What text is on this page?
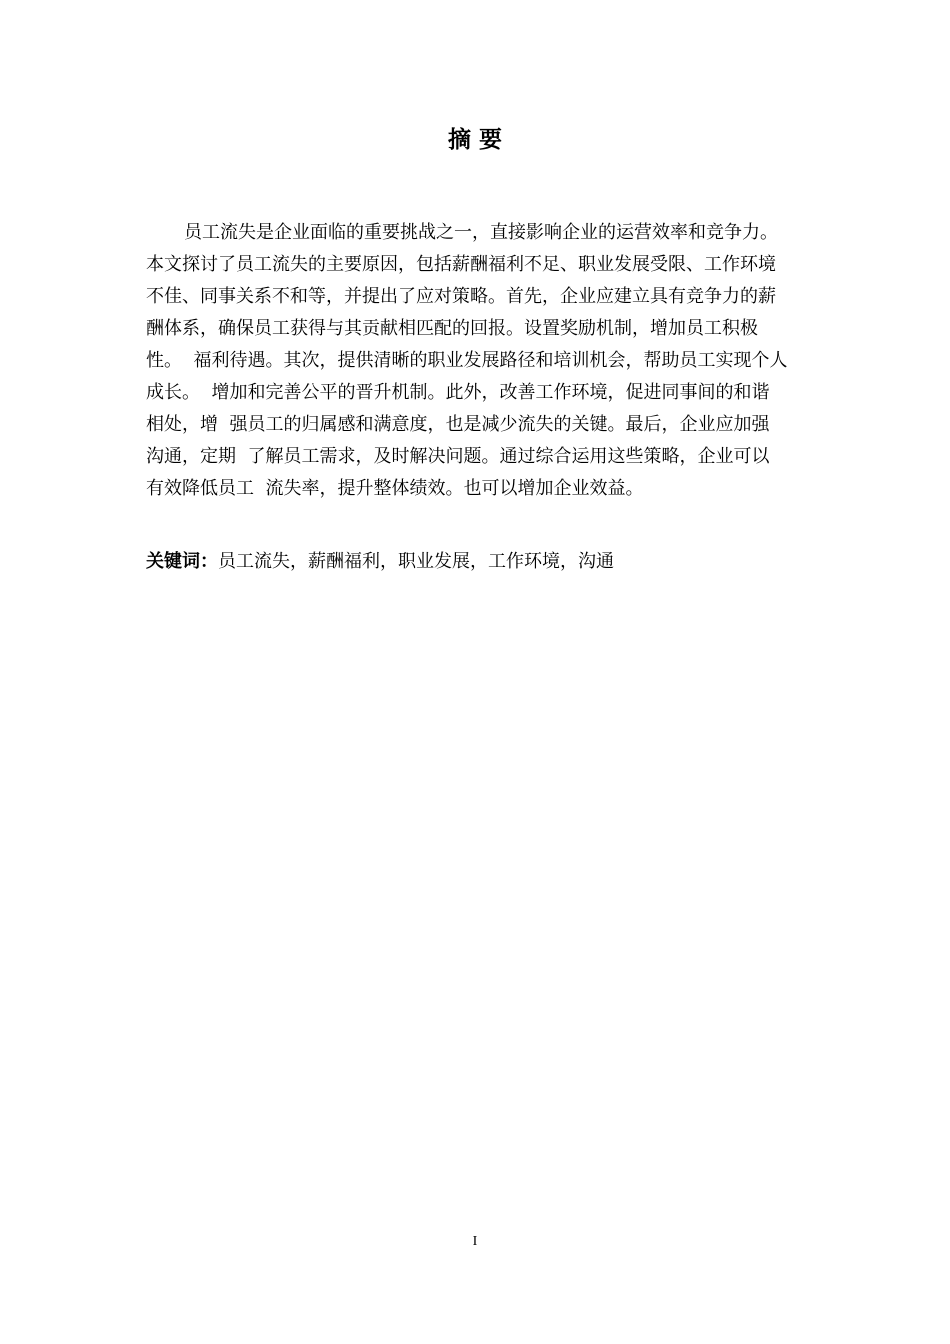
摘 要
员工流失是企业面临的重要挑战之一，直接影响企业的运营效率和竞争力。
本文探讨了员工流失的主要原因，包括薪酬福利不足、职业发展受限、工作环境
不佳、同事关系不和等，并提出了应对策略。首先，企业应建立具有竞争力的薪
酬体系，确保员工获得与其贡献相匹配的回报。设置奖励机制，增加员工积极
性。  福利待遇。其次，提供清晰的职业发展路径和培训机会，帮助员工实现个人
成长。  增加和完善公平的晋升机制。此外，改善工作环境，促进同事间的和谐
相处，增  强员工的归属感和满意度，也是减少流失的关键。最后，企业应加强
沟通，定期  了解员工需求，及时解决问题。通过综合运用这些策略，企业可以
有效降低员工  流失率，提升整体绩效。也可以增加企业效益。
关键词：员工流失，薪酬福利，职业发展，工作环境，沟通
I
